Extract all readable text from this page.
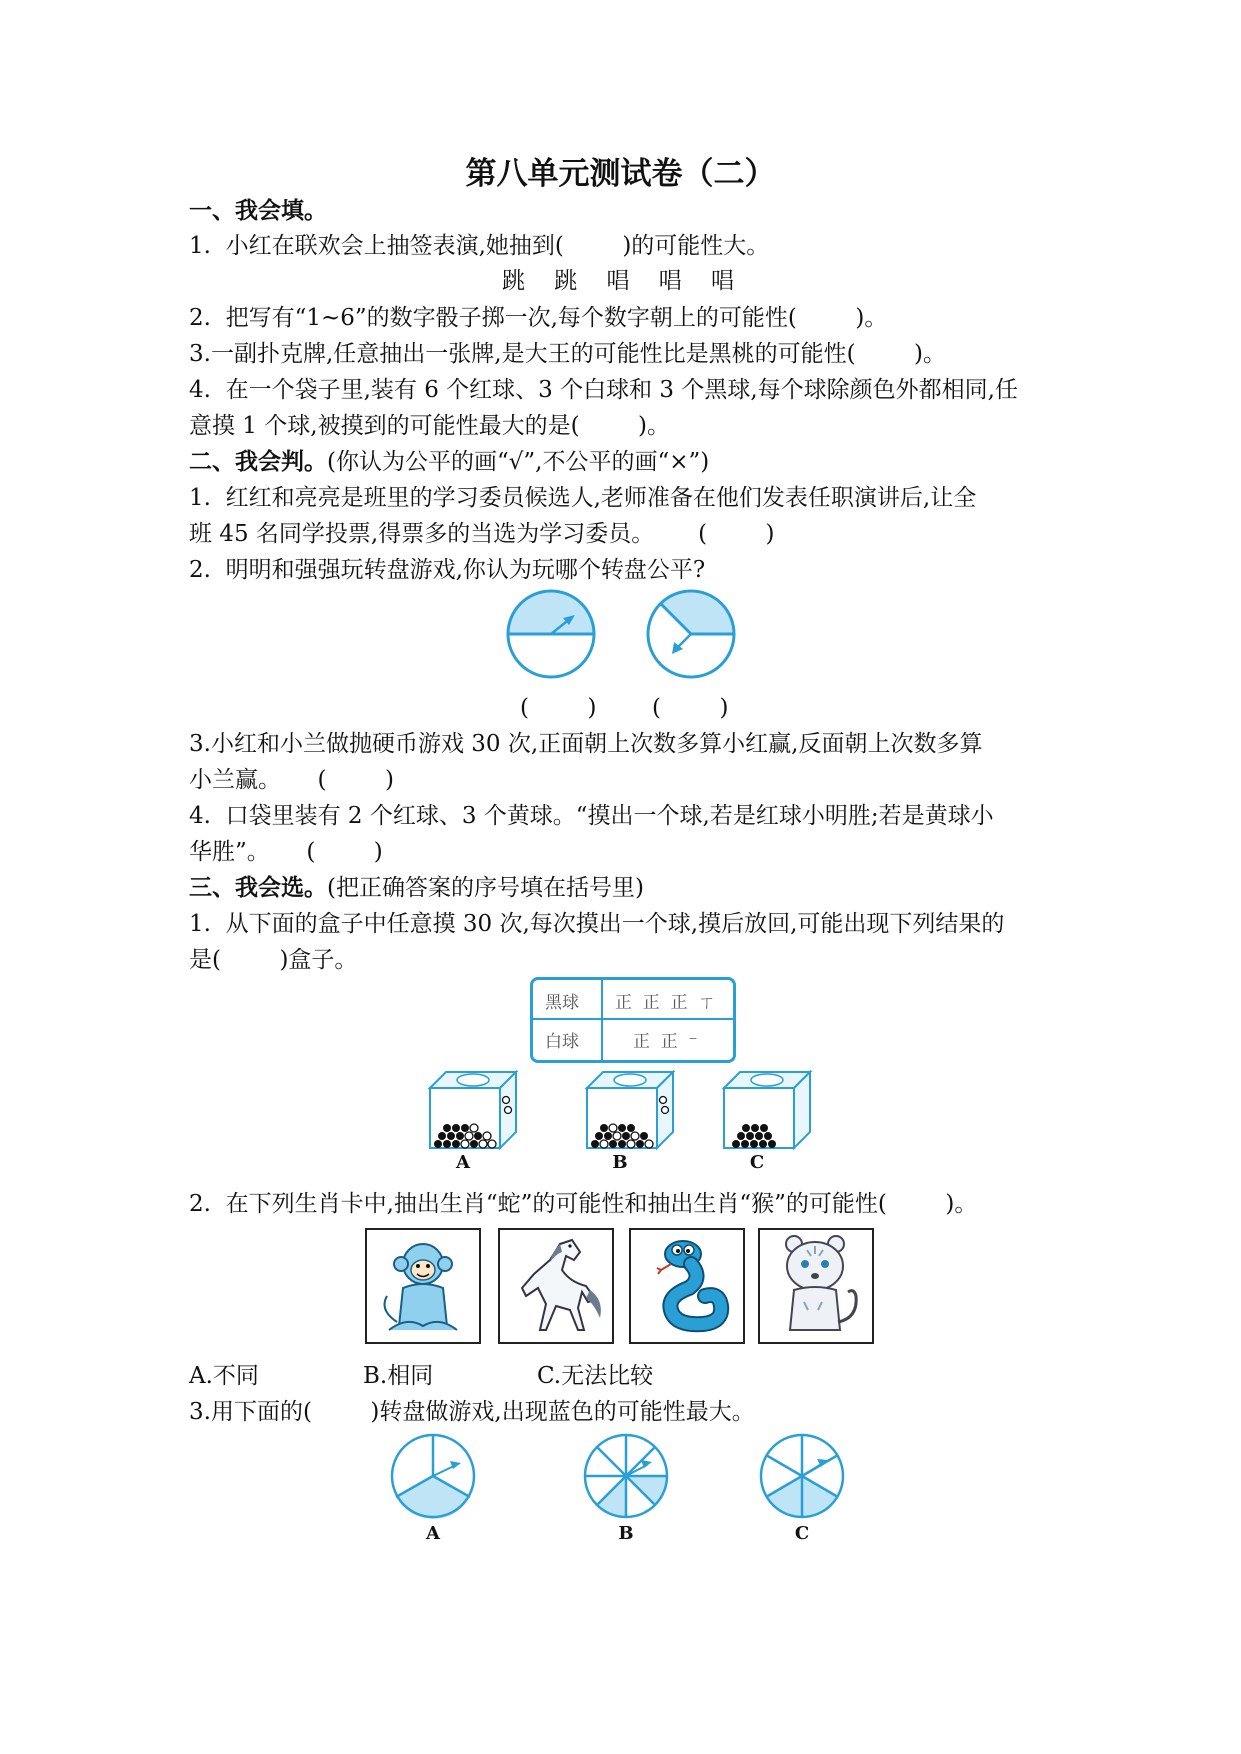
第八单元测试卷（二）
一、我会填。
1.  小红在联欢会上抽签表演,她抽到(        )的可能性大。
跳    跳    唱    唱    唱
2.  把写有“1~6”的数字骰子掷一次,每个数字朝上的可能性(        )。
3.一副扑克牌,任意抽出一张牌,是大王的可能性比是黑桃的可能性(        )。
4.  在一个袋子里,装有 6 个红球、3 个白球和 3 个黑球,每个球除颜色外都相同,任
意摸 1 个球,被摸到的可能性最大的是(        )。
二、我会判。(你认为公平的画“√”,不公平的画“×”)
1.  红红和亮亮是班里的学习委员候选人,老师准备在他们发表任职演讲后,让全
班 45 名同学投票,得票多的当选为学习委员。      (        )
2.  明明和强强玩转盘游戏,你认为玩哪个转盘公平?
(        ) (        )
3.小红和小兰做抛硬币游戏 30 次,正面朝上次数多算小红赢,反面朝上次数多算
小兰赢。     (        )
4.  口袋里装有 2 个红球、3 个黄球。“摸出一个球,若是红球小明胜;若是黄球小
华胜”。     (        )
三、我会选。(把正确答案的序号填在括号里)
1.  从下面的盒子中任意摸 30 次,每次摸出一个球,摸后放回,可能出现下列结果的
是(        )盒子。
黑球 正  正  正  ㄒ
白球	正  正  ⁻
A	B	C
2.  在下列生肖卡中,抽出生肖“蛇”的可能性和抽出生肖“猴”的可能性(        )。
A.不同	B.相同	C.无法比较
3.用下面的(        )转盘做游戏,出现蓝色的可能性最大。
A	B	C
